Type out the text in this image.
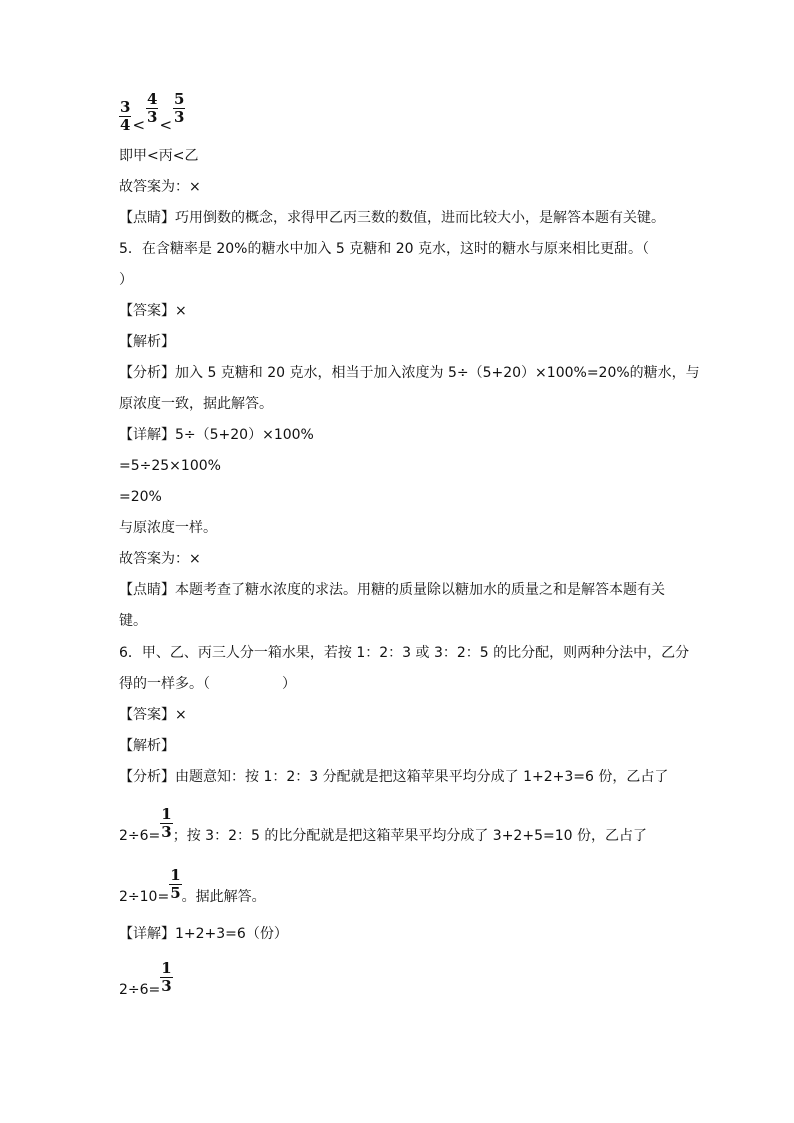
$\frac{3}{4} < \frac{4}{3} < \frac{5}{3}$
即甲<丙<乙
故答案为：×
【点睛】巧用倒数的概念，求得甲乙丙三数的数值，进而比较大小，是解答本题有关键。
5．在含糖率是 20%的糖水中加入 5 克糖和 20 克水，这时的糖水与原来相比更甜。（
）
【答案】×
【解析】
【分析】加入 5 克糖和 20 克水，相当于加入浓度为 5÷（5+20）×100%=20%的糖水，与
原浓度一致，据此解答。
【详解】5÷（5+20）×100%
=5÷25×100%
=20%
与原浓度一样。
故答案为：×
【点睛】本题考查了糖水浓度的求法。用糖的质量除以糖加水的质量之和是解答本题有关
键。
6．甲、乙、丙三人分一箱水果，若按 1：2：3 或 3：2：5 的比分配，则两种分法中，乙分
得的一样多。（	）
【答案】×
【解析】
【分析】由题意知：按 1：2：3 分配就是把这箱苹果平均分成了 1+2+3=6 份，乙占了
$2\div 6= \frac{1}{3}$ ；按 3：2：5 的比分配就是把这箱苹果平均分成了 3+2+5=10 份，乙占了
$2\div 10= \frac{1}{5}$ 。据此解答。
【详解】1+2+3=6（份）
$2\div 6= \frac{1}{3}$
